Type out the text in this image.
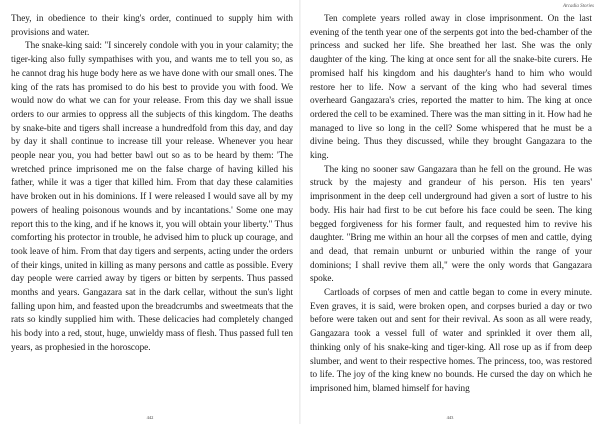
They, in obedience to their king's order, continued to supply him with provisions and water.

The snake-king said: "I sincerely condole with you in your calamity; the tiger-king also fully sympathises with you, and wants me to tell you so, as he cannot drag his huge body here as we have done with our small ones. The king of the rats has promised to do his best to provide you with food. We would now do what we can for your release. From this day we shall issue orders to our armies to oppress all the subjects of this kingdom. The deaths by snake-bite and tigers shall increase a hundredfold from this day, and day by day it shall continue to increase till your release. Whenever you hear people near you, you had better bawl out so as to be heard by them: 'The wretched prince imprisoned me on the false charge of having killed his father, while it was a tiger that killed him. From that day these calamities have broken out in his dominions. If I were released I would save all by my powers of healing poisonous wounds and by incantations.' Some one may report this to the king, and if he knows it, you will obtain your liberty." Thus comforting his protector in trouble, he advised him to pluck up courage, and took leave of him. From that day tigers and serpents, acting under the orders of their kings, united in killing as many persons and cattle as possible. Every day people were carried away by tigers or bitten by serpents. Thus passed months and years. Gangazara sat in the dark cellar, without the sun's light falling upon him, and feasted upon the breadcrumbs and sweetmeats that the rats so kindly supplied him with. These delicacies had completely changed his body into a red, stout, huge, unwieldy mass of flesh. Thus passed full ten years, as prophesied in the horoscope.

442
Arcadia Stories

Ten complete years rolled away in close imprisonment. On the last evening of the tenth year one of the serpents got into the bed-chamber of the princess and sucked her life. She breathed her last. She was the only daughter of the king. The king at once sent for all the snake-bite curers. He promised half his kingdom and his daughter's hand to him who would restore her to life. Now a servant of the king who had several times overheard Gangazara's cries, reported the matter to him. The king at once ordered the cell to be examined. There was the man sitting in it. How had he managed to live so long in the cell? Some whispered that he must be a divine being. Thus they discussed, while they brought Gangazara to the king.

The king no sooner saw Gangazara than he fell on the ground. He was struck by the majesty and grandeur of his person. His ten years' imprisonment in the deep cell underground had given a sort of lustre to his body. His hair had first to be cut before his face could be seen. The king begged forgiveness for his former fault, and requested him to revive his daughter. "Bring me within an hour all the corpses of men and cattle, dying and dead, that remain unburnt or unburied within the range of your dominions; I shall revive them all," were the only words that Gangazara spoke.

Cartloads of corpses of men and cattle began to come in every minute. Even graves, it is said, were broken open, and corpses buried a day or two before were taken out and sent for their revival. As soon as all were ready, Gangazara took a vessel full of water and sprinkled it over them all, thinking only of his snake-king and tiger-king. All rose up as if from deep slumber, and went to their respective homes. The princess, too, was restored to life. The joy of the king knew no bounds. He cursed the day on which he imprisoned him, blamed himself for having

443
